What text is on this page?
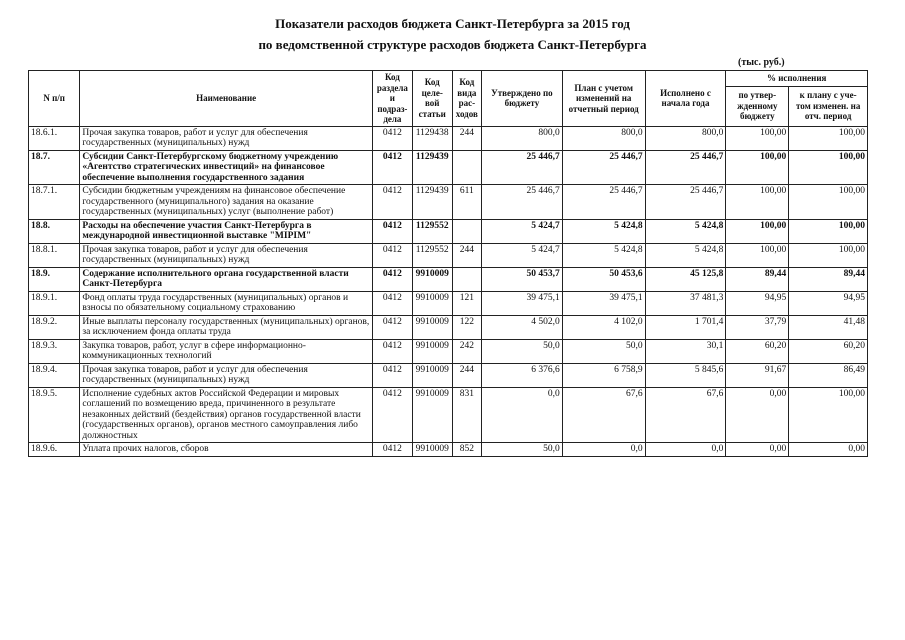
Показатели расходов бюджета Санкт-Петербурга за 2015 год
по ведомственной структуре расходов бюджета Санкт-Петербурга
(тыс. руб.)
N п/п	Наименование	Код раздела и подраз- дела	Код целе- вой статьи	Код вида рас- ходов	Утверждено по бюджету	План с учетом изменений на отчетный период	Исполнено с начала года	% исполнения	
								по утвер- жденному бюджету	к плану с уче- том изменен. на отч. период
18.6.1.	Прочая закупка товаров, работ и услуг для обеспечения государственных (муниципальных) нужд	0412	1129438	244	800,0	800,0	800,0	100,00	100,00
18.7.	Субсидии Санкт-Петербургскому бюджетному учреждению «Агентство стратегических инвестиций» на финансовое обеспечение выполнения государственного задания	0412	1129439		25 446,7	25 446,7	25 446,7	100,00	100,00
18.7.1.	Субсидии бюджетным учреждениям на финансовое обеспечение государственного (муниципального) задания на оказание государственных (муниципальных) услуг (выполнение работ)	0412	1129439	611	25 446,7	25 446,7	25 446,7	100,00	100,00
18.8.	Расходы на обеспечение участия Санкт-Петербурга в международной инвестиционной выставке "MIPIM"	0412	1129552		5 424,7	5 424,8	5 424,8	100,00	100,00
18.8.1.	Прочая закупка товаров, работ и услуг для обеспечения государственных (муниципальных) нужд	0412	1129552	244	5 424,7	5 424,8	5 424,8	100,00	100,00
18.9.	Содержание исполнительного органа государственной власти Санкт-Петербурга	0412	9910009		50 453,7	50 453,6	45 125,8	89,44	89,44
18.9.1.	Фонд оплаты труда государственных (муниципальных) органов и взносы по обязательному социальному страхованию	0412	9910009	121	39 475,1	39 475,1	37 481,3	94,95	94,95
18.9.2.	Иные выплаты персоналу государственных (муниципальных) органов, за исключением фонда оплаты труда	0412	9910009	122	4 502,0	4 102,0	1 701,4	37,79	41,48
18.9.3.	Закупка товаров, работ, услуг в сфере информационно-коммуникационных технологий	0412	9910009	242	50,0	50,0	30,1	60,20	60,20
18.9.4.	Прочая закупка товаров, работ и услуг для обеспечения государственных (муниципальных) нужд	0412	9910009	244	6 376,6	6 758,9	5 845,6	91,67	86,49
18.9.5.	Исполнение судебных актов Российской Федерации и мировых соглашений по возмещению вреда, причиненного в результате незаконных действий (бездействия) органов государственной власти (государственных органов), органов местного самоуправления либо должностных	0412	9910009	831	0,0	67,6	67,6	0,00	100,00
18.9.6.	Уплата прочих налогов, сборов	0412	9910009	852	50,0	0,0	0,0	0,00	0,00
